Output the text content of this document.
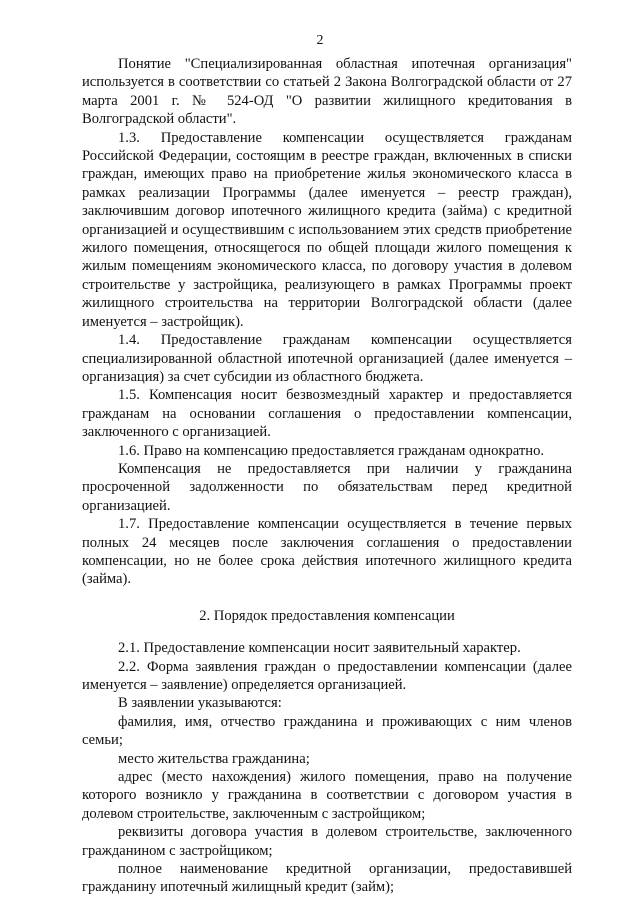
2

Понятие "Специализированная областная ипотечная организация" используется в соответствии со статьей 2 Закона Волгоградской области от 27 марта 2001 г. № 524-ОД "О развитии жилищного кредитования в Волгоградской области".

1.3. Предоставление компенсации осуществляется гражданам Российской Федерации, состоящим в реестре граждан, включенных в списки граждан, имеющих право на приобретение жилья экономического класса в рамках реализации Программы (далее именуется – реестр граждан), заключившим договор ипотечного жилищного кредита (займа) с кредитной организацией и осуществившим с использованием этих средств приобретение жилого помещения, относящегося по общей площади жилого помещения к жилым помещениям экономического класса, по договору участия в долевом строительстве у застройщика, реализующего в рамках Программы проект жилищного строительства на территории Волгоградской области (далее именуется – застройщик).

1.4. Предоставление гражданам компенсации осуществляется специализированной областной ипотечной организацией (далее именуется – организация) за счет субсидии из областного бюджета.

1.5. Компенсация носит безвозмездный характер и предоставляется гражданам на основании соглашения о предоставлении компенсации, заключенного с организацией.

1.6. Право на компенсацию предоставляется гражданам однократно.

Компенсация не предоставляется при наличии у гражданина просроченной задолженности по обязательствам перед кредитной организацией.

1.7. Предоставление компенсации осуществляется в течение первых полных 24 месяцев после заключения соглашения о предоставлении компенсации, но не более срока действия ипотечного жилищного кредита (займа).

2. Порядок предоставления компенсации

2.1. Предоставление компенсации носит заявительный характер.

2.2. Форма заявления граждан о предоставлении компенсации (далее именуется – заявление) определяется организацией.

В заявлении указываются:

фамилия, имя, отчество гражданина и проживающих с ним членов семьи;

место жительства гражданина;

адрес (место нахождения) жилого помещения, право на получение которого возникло у гражданина в соответствии с договором участия в долевом строительстве, заключенным с застройщиком;

реквизиты договора участия в долевом строительстве, заключенного гражданином с застройщиком;

полное наименование кредитной организации, предоставившей гражданину ипотечный жилищный кредит (займ);
